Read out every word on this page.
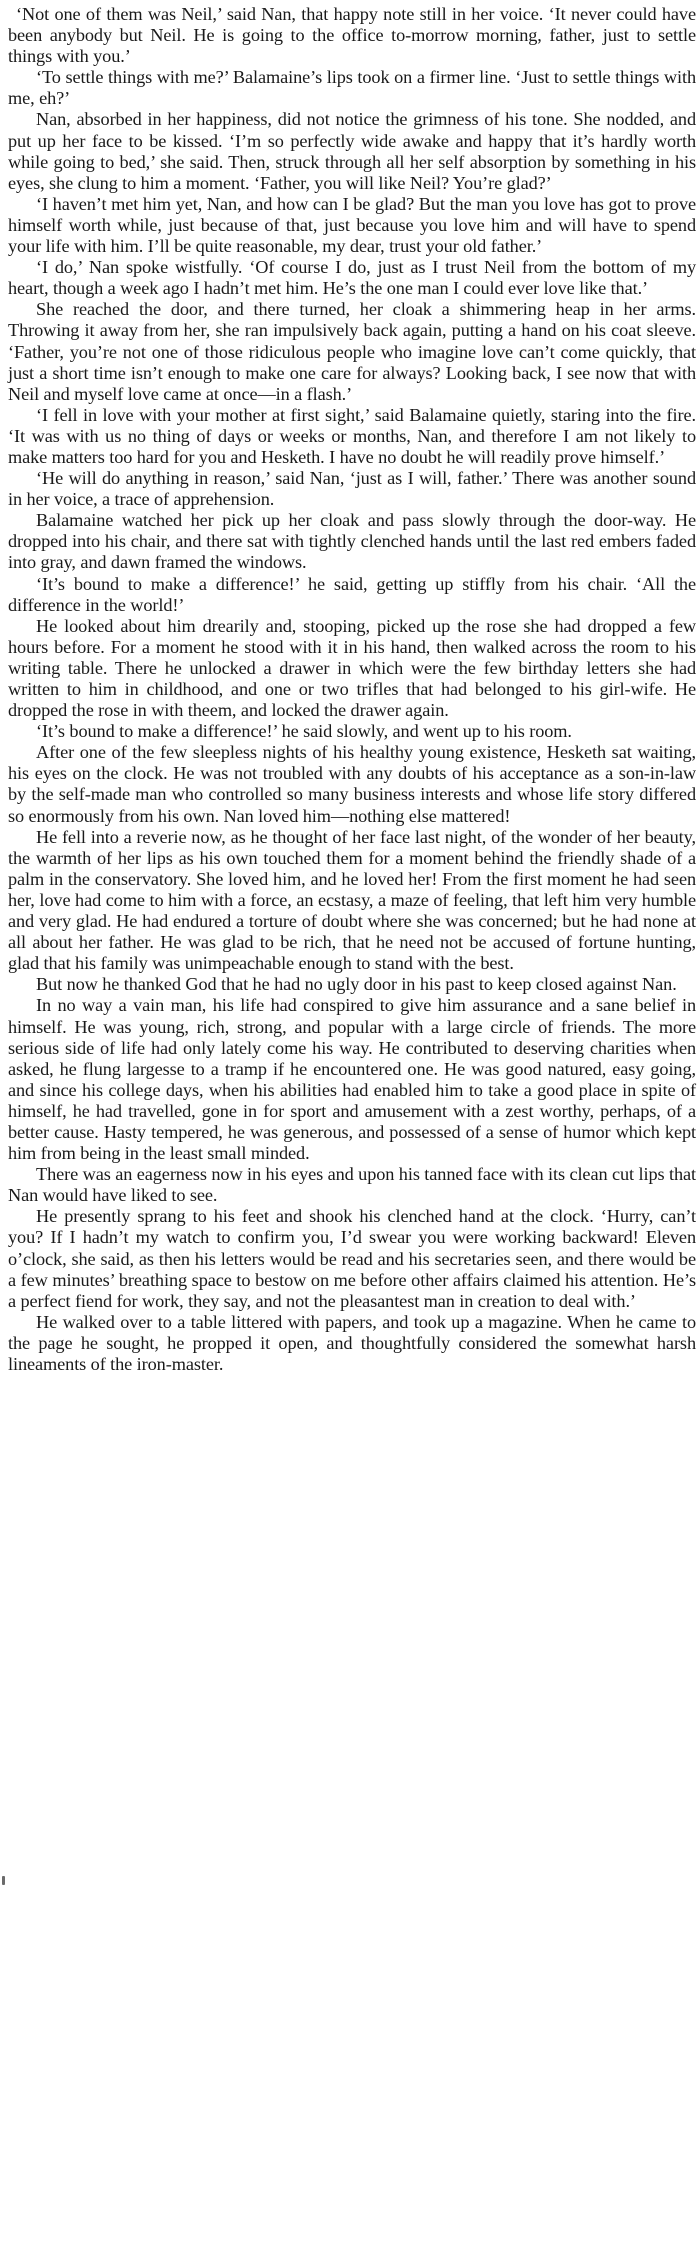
‘Not one of them was Neil,’ said Nan, that happy note still in her voice. ‘It never could have been anybody but Neil. He is going to the office to-morrow morning, father, just to settle things with you.’

‘To settle things with me?’ Balamaine’s lips took on a firmer line. ‘Just to settle things with me, eh?’

Nan, absorbed in her happiness, did not notice the grimness of his tone. She nodded, and put up her face to be kissed. ‘I’m so perfectly wide awake and happy that it’s hardly worth while going to bed,’ she said. Then, struck through all her self absorption by something in his eyes, she clung to him a moment. ‘Father, you will like Neil? You’re glad?’

‘I haven’t met him yet, Nan, and how can I be glad? But the man you love has got to prove himself worth while, just because of that, just because you love him and will have to spend your life with him. I’ll be quite reasonable, my dear, trust your old father.’

‘I do,’ Nan spoke wistfully. ‘Of course I do, just as I trust Neil from the bottom of my heart, though a week ago I hadn’t met him. He’s the one man I could ever love like that.’

She reached the door, and there turned, her cloak a shimmering heap in her arms. Throwing it away from her, she ran impulsively back again, putting a hand on his coat sleeve. ‘Father, you’re not one of those ridiculous people who imagine love can’t come quickly, that just a short time isn’t enough to make one care for always? Looking back, I see now that with Neil and myself love came at once—in a flash.’

‘I fell in love with your mother at first sight,’ said Balamaine quietly, staring into the fire. ‘It was with us no thing of days or weeks or months, Nan, and therefore I am not likely to make matters too hard for you and Hesketh. I have no doubt he will readily prove himself.’

‘He will do anything in reason,’ said Nan, ‘just as I will, father.’ There was another sound in her voice, a trace of apprehension.

Balamaine watched her pick up her cloak and pass slowly through the door-way. He dropped into his chair, and there sat with tightly clenched hands until the last red embers faded into gray, and dawn framed the windows.

‘It’s bound to make a difference!’ he said, getting up stiffly from his chair. ‘All the difference in the world!’

He looked about him drearily and, stooping, picked up the rose she had dropped a few hours before. For a moment he stood with it in his hand, then walked across the room to his writing table. There he unlocked a drawer in which were the few birthday letters she had written to him in childhood, and one or two trifles that had belonged to his girl-wife. He dropped the rose in with theem, and locked the drawer again.

‘It’s bound to make a difference!’ he said slowly, and went up to his room.

After one of the few sleepless nights of his healthy young existence, Hesketh sat waiting, his eyes on the clock. He was not troubled with any doubts of his acceptance as a son-in-law by the self-made man who controlled so many business interests and whose life story differed so enormously from his own. Nan loved him—nothing else mattered!

He fell into a reverie now, as he thought of her face last night, of the wonder of her beauty, the warmth of her lips as his own touched them for a moment behind the friendly shade of a palm in the conservatory. She loved him, and he loved her! From the first moment he had seen her, love had come to him with a force, an ecstasy, a maze of feeling, that left him very humble and very glad. He had endured a torture of doubt where she was concerned; but he had none at all about her father. He was glad to be rich, that he need not be accused of fortune hunting, glad that his family was unimpeachable enough to stand with the best.

But now he thanked God that he had no ugly door in his past to keep closed against Nan.

In no way a vain man, his life had conspired to give him assurance and a sane belief in himself. He was young, rich, strong, and popular with a large circle of friends. The more serious side of life had only lately come his way. He contributed to deserving charities when asked, he flung largesse to a tramp if he encountered one. He was good natured, easy going, and since his college days, when his abilities had enabled him to take a good place in spite of himself, he had travelled, gone in for sport and amusement with a zest worthy, perhaps, of a better cause. Hasty tempered, he was generous, and possessed of a sense of humor which kept him from being in the least small minded.

There was an eagerness now in his eyes and upon his tanned face with its clean cut lips that Nan would have liked to see.

He presently sprang to his feet and shook his clenched hand at the clock. ‘Hurry, can’t you? If I hadn’t my watch to confirm you, I’d swear you were working backward! Eleven o’clock, she said, as then his letters would be read and his secretaries seen, and there would be a few minutes’ breathing space to bestow on me before other affairs claimed his attention. He’s a perfect fiend for work, they say, and not the pleasantest man in creation to deal with.’

He walked over to a table littered with papers, and took up a magazine. When he came to the page he sought, he propped it open, and thoughtfully considered the somewhat harsh lineaments of the iron-master.
